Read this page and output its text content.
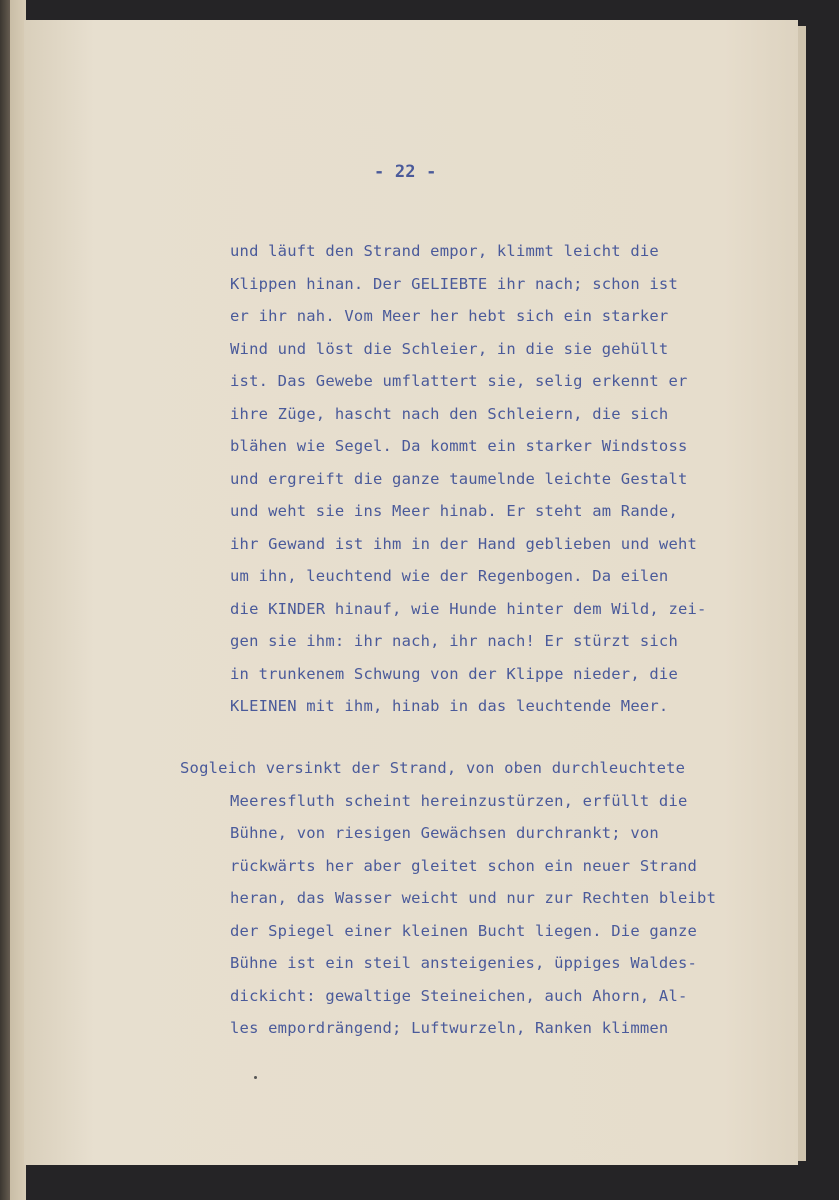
- 22 -
und läuft den Strand empor, klimmt leicht die
Klippen hinan. Der GELIEBTE ihr nach; schon ist
er ihr nah. Vom Meer her hebt sich ein starker
Wind und löst die Schleier, in die sie gehüllt
ist. Das Gewebe umflattert sie, selig erkennt er
ihre Züge, hascht nach den Schleiern, die sich
blähen wie Segel. Da kommt ein starker Windstoss
und ergreift die ganze taumelnde leichte Gestalt
und weht sie ins Meer hinab. Er steht am Rande,
ihr Gewand ist ihm in der Hand geblieben und weht
um ihn, leuchtend wie der Regenbogen. Da eilen
die KINDER hinauf, wie Hunde hinter dem Wild, zei-
gen sie ihm: ihr nach, ihr nach! Er stürzt sich
in trunkenem Schwung von der Klippe nieder, die
KLEINEN mit ihm, hinab in das leuchtende Meer.
Sogleich versinkt der Strand, von oben durchleuchtete
Meeresfluth scheint hereinzustürzen, erfüllt die
Bühne, von riesigen Gewächsen durchrankt; von
rückwärts her aber gleitet schon ein neuer Strand
heran, das Wasser weicht und nur zur Rechten bleibt
der Spiegel einer kleinen Bucht liegen. Die ganze
Bühne ist ein steil ansteigenies, üppiges Waldes-
dickicht: gewaltige Steineichen, auch Ahorn, Al-
les empordrängend; Luftwurzeln, Ranken klimmen
